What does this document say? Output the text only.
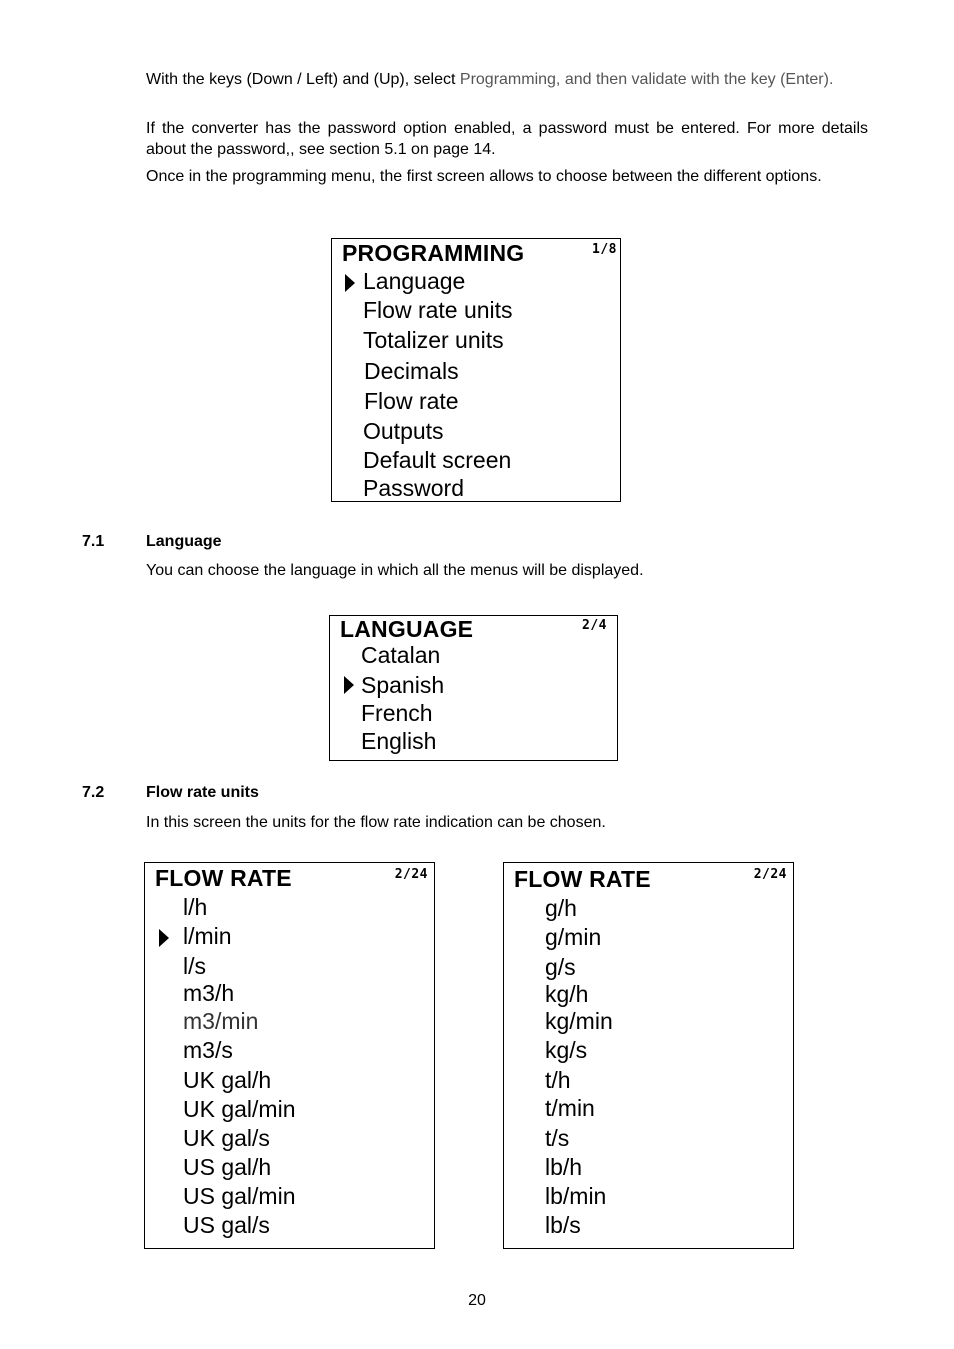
With the keys (Down / Left) and (Up), select Programming, and then validate with the key (Enter).
If the converter has the password option enabled, a password must be entered. For more details about the password,, see section 5.1 on page 14.
Once in the programming menu, the first screen allows to choose between the different options.
PROGRAMMING	1/8
Language
Flow rate units
Totalizer units
Decimals
Flow rate
Outputs
Default screen
Password
7.1	Language
You can choose the language in which all the menus will be displayed.
LANGUAGE	2/4
Catalan
Spanish
French
English
7.2	Flow rate units
In this screen the units for the flow rate indication can be chosen.
FLOW RATE	2/24
l/h
l/min
l/s
m3/h
m3/min
m3/s
UK gal/h
UK gal/min
UK gal/s
US gal/h
US gal/min
US gal/s
FLOW RATE	2/24
g/h
g/min
g/s
kg/h
kg/min
kg/s
t/h
t/min
t/s
lb/h
lb/min
lb/s
20
